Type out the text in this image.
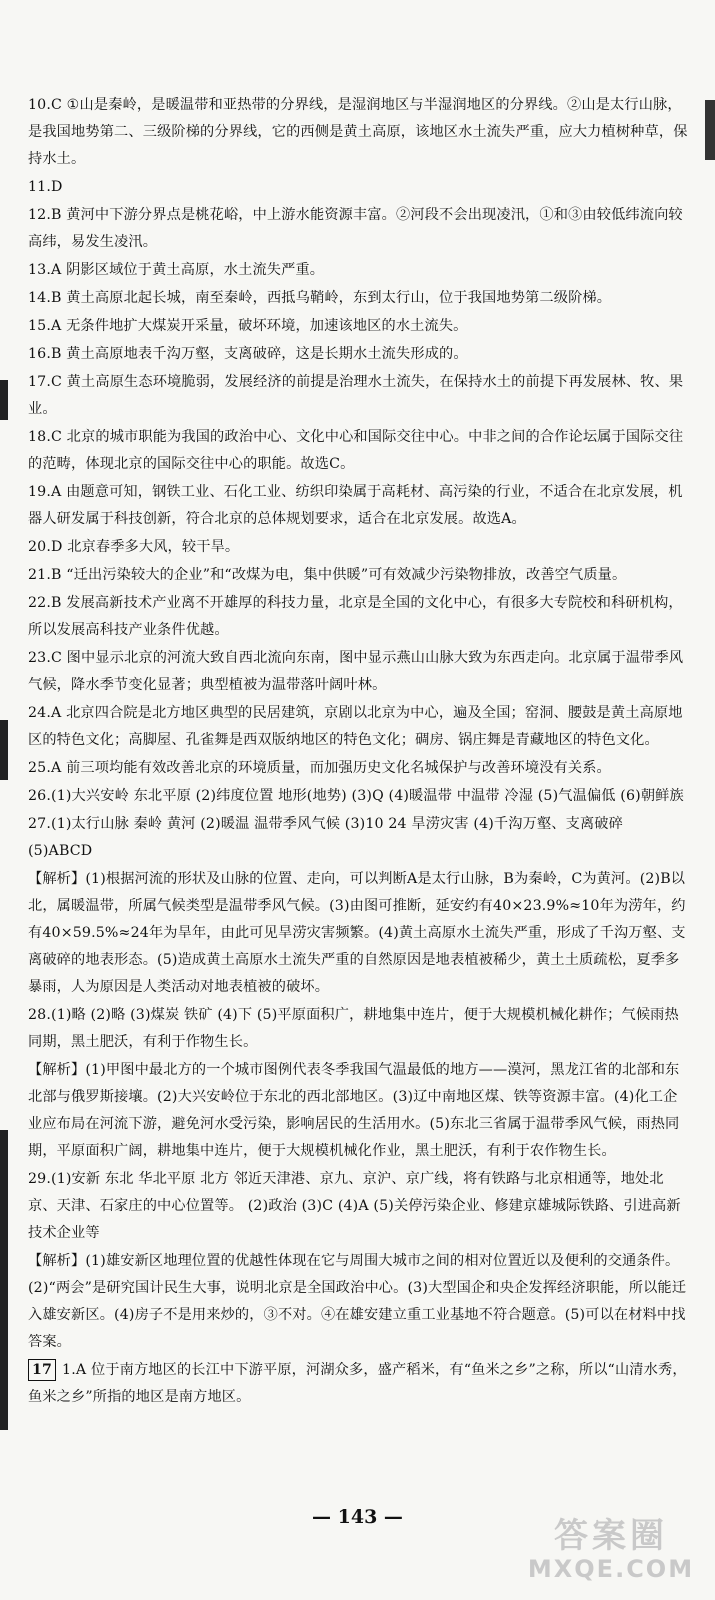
10.C ①山是秦岭，是暖温带和亚热带的分界线，是湿润地区与半湿润地区的分界线。②山是太行山脉，是我国地势第二、三级阶梯的分界线，它的西侧是黄土高原，该地区水土流失严重，应大力植树种草，保持水土。
11.D
12.B 黄河中下游分界点是桃花峪，中上游水能资源丰富。②河段不会出现凌汛，①和③由较低纬流向较高纬，易发生凌汛。
13.A 阴影区域位于黄土高原，水土流失严重。
14.B 黄土高原北起长城，南至秦岭，西抵乌鞘岭，东到太行山，位于我国地势第二级阶梯。
15.A 无条件地扩大煤炭开采量，破坏环境，加速该地区的水土流失。
16.B 黄土高原地表千沟万壑，支离破碎，这是长期水土流失形成的。
17.C 黄土高原生态环境脆弱，发展经济的前提是治理水土流失，在保持水土的前提下再发展林、牧、果业。
18.C 北京的城市职能为我国的政治中心、文化中心和国际交往中心。中非之间的合作论坛属于国际交往的范畴，体现北京的国际交往中心的职能。故选C。
19.A 由题意可知，钢铁工业、石化工业、纺织印染属于高耗材、高污染的行业，不适合在北京发展，机器人研发属于科技创新，符合北京的总体规划要求，适合在北京发展。故选A。
20.D 北京春季多大风，较干旱。
21.B “迁出污染较大的企业”和“改煤为电，集中供暖”可有效减少污染物排放，改善空气质量。
22.B 发展高新技术产业离不开雄厚的科技力量，北京是全国的文化中心，有很多大专院校和科研机构，所以发展高科技产业条件优越。
23.C 图中显示北京的河流大致自西北流向东南，图中显示燕山山脉大致为东西走向。北京属于温带季风气候，降水季节变化显著；典型植被为温带落叶阔叶林。
24.A 北京四合院是北方地区典型的民居建筑，京剧以北京为中心，遍及全国；窑洞、腰鼓是黄土高原地区的特色文化；高脚屋、孔雀舞是西双版纳地区的特色文化；碉房、锅庄舞是青藏地区的特色文化。
25.A 前三项均能有效改善北京的环境质量，而加强历史文化名城保护与改善环境没有关系。
26.(1)大兴安岭 东北平原 (2)纬度位置 地形(地势) (3)Q (4)暖温带 中温带 冷湿 (5)气温偏低 (6)朝鲜族
27.(1)太行山脉 秦岭 黄河 (2)暖温 温带季风气候 (3)10 24 旱涝灾害 (4)千沟万壑、支离破碎 (5)ABCD
【解析】(1)根据河流的形状及山脉的位置、走向，可以判断A是太行山脉，B为秦岭，C为黄河。(2)B以北，属暖温带，所属气候类型是温带季风气候。(3)由图可推断，延安约有40×23.9%≈10年为涝年，约有40×59.5%≈24年为旱年，由此可见旱涝灾害频繁。(4)黄土高原水土流失严重，形成了千沟万壑、支离破碎的地表形态。(5)造成黄土高原水土流失严重的自然原因是地表植被稀少，黄土土质疏松，夏季多暴雨，人为原因是人类活动对地表植被的破坏。
28.(1)略 (2)略 (3)煤炭 铁矿 (4)下 (5)平原面积广，耕地集中连片，便于大规模机械化耕作；气候雨热同期，黑土肥沃，有利于作物生长。
【解析】(1)甲图中最北方的一个城市图例代表冬季我国气温最低的地方——漠河，黑龙江省的北部和东北部与俄罗斯接壤。(2)大兴安岭位于东北的西北部地区。(3)辽中南地区煤、铁等资源丰富。(4)化工企业应布局在河流下游，避免河水受污染，影响居民的生活用水。(5)东北三省属于温带季风气候，雨热同期，平原面积广阔，耕地集中连片，便于大规模机械化作业，黑土肥沃，有利于农作物生长。
29.(1)安新 东北 华北平原 北方 邻近天津港、京九、京沪、京广线，将有铁路与北京相通等，地处北京、天津、石家庄的中心位置等。 (2)政治 (3)C (4)A (5)关停污染企业、修建京雄城际铁路、引进高新技术企业等
【解析】(1)雄安新区地理位置的优越性体现在它与周围大城市之间的相对位置近以及便利的交通条件。(2)“两会”是研究国计民生大事，说明北京是全国政治中心。(3)大型国企和央企发挥经济职能，所以能迁入雄安新区。(4)房子不是用来炒的，③不对。④在雄安建立重工业基地不符合题意。(5)可以在材料中找答案。
17 1.A 位于南方地区的长江中下游平原，河湖众多，盛产稻米，有“鱼米之乡”之称，所以“山清水秀，鱼米之乡”所指的地区是南方地区。
— 143 —	答案圈
MXQE.COM
